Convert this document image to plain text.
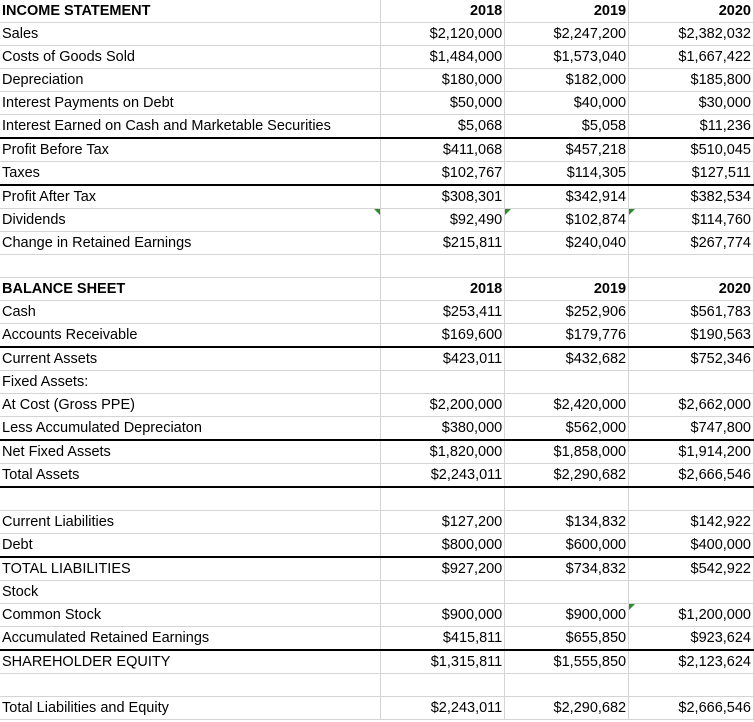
INCOME STATEMENT	2018	2019	2020
Sales	$2,120,000	$2,247,200	$2,382,032
Costs of Goods Sold	$1,484,000	$1,573,040	$1,667,422
Depreciation	$180,000	$182,000	$185,800
Interest Payments on Debt	$50,000	$40,000	$30,000
Interest Earned on Cash and Marketable Securities	$5,068	$5,058	$11,236
Profit Before Tax	$411,068	$457,218	$510,045
Taxes	$102,767	$114,305	$127,511
Profit After Tax	$308,301	$342,914	$382,534
Dividends	$92,490	$102,874	$114,760

Change in Retained Earnings	$215,811	$240,040	$267,774

BALANCE SHEET	2018	2019	2020
Cash	$253,411	$252,906	$561,783
Accounts Receivable	$169,600	$179,776	$190,563
Current Assets	$423,011	$432,682	$752,346
Fixed Assets:			
At Cost (Gross PPE)	$2,200,000	$2,420,000	$2,662,000
Less Accumulated Depreciaton	$380,000	$562,000	$747,800
Net Fixed Assets	$1,820,000	$1,858,000	$1,914,200
Total Assets	$2,243,011	$2,290,682	$2,666,546

Current Liabilities	$127,200	$134,832	$142,922
Debt	$800,000	$600,000	$400,000
TOTAL LIABILITIES	$927,200	$734,832	$542,922
Stock			
Common Stock	$900,000	$900,000	$1,200,000

Accumulated Retained Earnings	$415,811	$655,850	$923,624
SHAREHOLDER EQUITY	$1,315,811	$1,555,850	$2,123,624

Total Liabilities and Equity	$2,243,011	$2,290,682	$2,666,546
